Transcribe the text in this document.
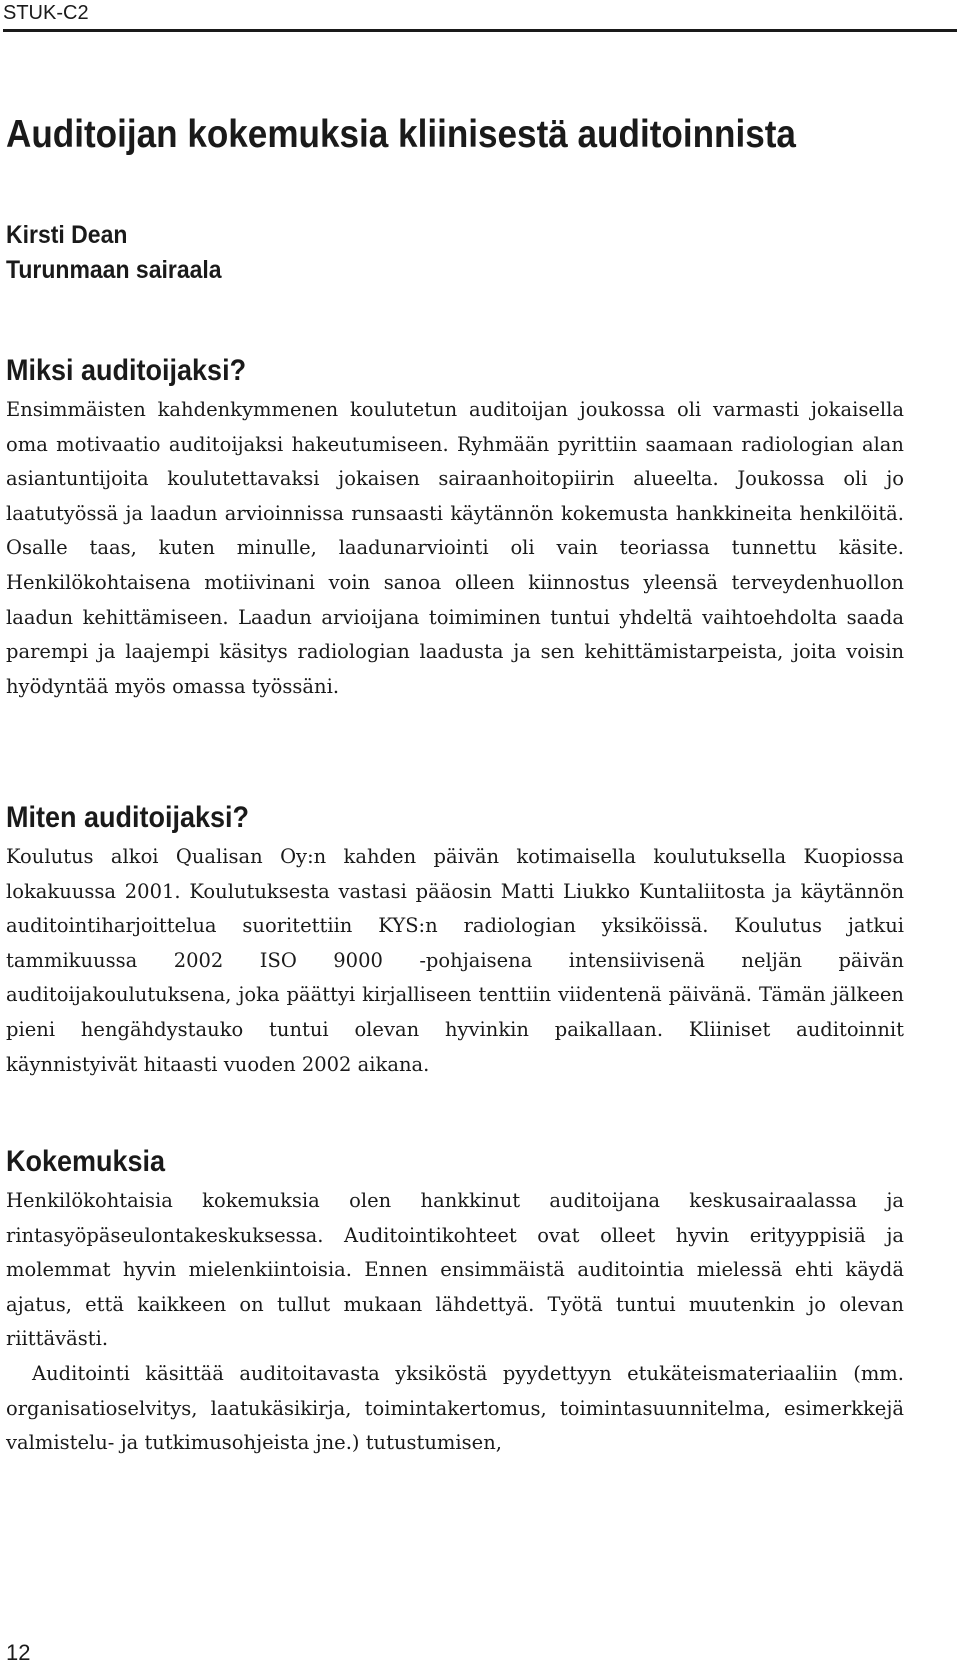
STUK-C2
Auditoijan kokemuksia kliinisestä auditoinnista
Kirsti Dean
Turunmaan sairaala
Miksi auditoijaksi?

Ensimmäisten kahdenkymmenen koulutetun auditoijan joukossa oli varmasti jokaisella oma motivaatio auditoijaksi hakeutumiseen. Ryhmään pyrittiin saamaan radiologian alan asiantuntijoita koulutettavaksi jokaisen sairaanhoitopiirin alueelta. Joukossa oli jo laatutyössä ja laadun arvioinnissa runsaasti käytännön kokemusta hankkineita henkilöitä. Osalle taas, kuten minulle, laadunarviointi oli vain teoriassa tunnettu käsite. Henkilökohtaisena motiivinani voin sanoa olleen kiinnostus yleensä terveydenhuollon laadun kehittämiseen. Laadun arvioijana toimiminen tuntui yhdeltä vaihtoehdolta saada parempi ja laajempi käsitys radiologian laadusta ja sen kehittämistarpeista, joita voisin hyödyntää myös omassa työssäni.

Miten auditoijaksi?

Koulutus alkoi Qualisan Oy:n kahden päivän kotimaisella koulutuksella Kuopiossa lokakuussa 2001. Koulutuksesta vastasi pääosin Matti Liukko Kuntaliitosta ja käytännön auditointiharjoittelua suoritettiin KYS:n radiologian yksiköissä. Koulutus jatkui tammikuussa 2002 ISO 9000 -pohjaisena intensiivisenä neljän päivän auditoijakoulutuksena, joka päättyi kirjalliseen tenttiin viidentenä päivänä. Tämän jälkeen pieni hengähdystauko tuntui olevan hyvinkin paikallaan. Kliiniset auditoinnit käynnistyivät hitaasti vuoden 2002 aikana.

Kokemuksia

Henkilökohtaisia kokemuksia olen hankkinut auditoijana keskusairaalassa ja rintasyöpäseulontakeskuksessa. Auditointikohteet ovat olleet hyvin erityyppisiä ja molemmat hyvin mielenkiintoisia. Ennen ensimmäistä auditointia mielessä ehti käydä ajatus, että kaikkeen on tullut mukaan lähdettyä. Työtä tuntui muutenkin jo olevan riittävästi.

Auditointi käsittää auditoitavasta yksiköstä pyydettyyn etukäteismateriaaliin (mm. organisatioselvitys, laatukäsikirja, toimintakertomus, toimintasuunnitelma, esimerkkejä valmistelu- ja tutkimusohjeista jne.) tutustumisen,

12
